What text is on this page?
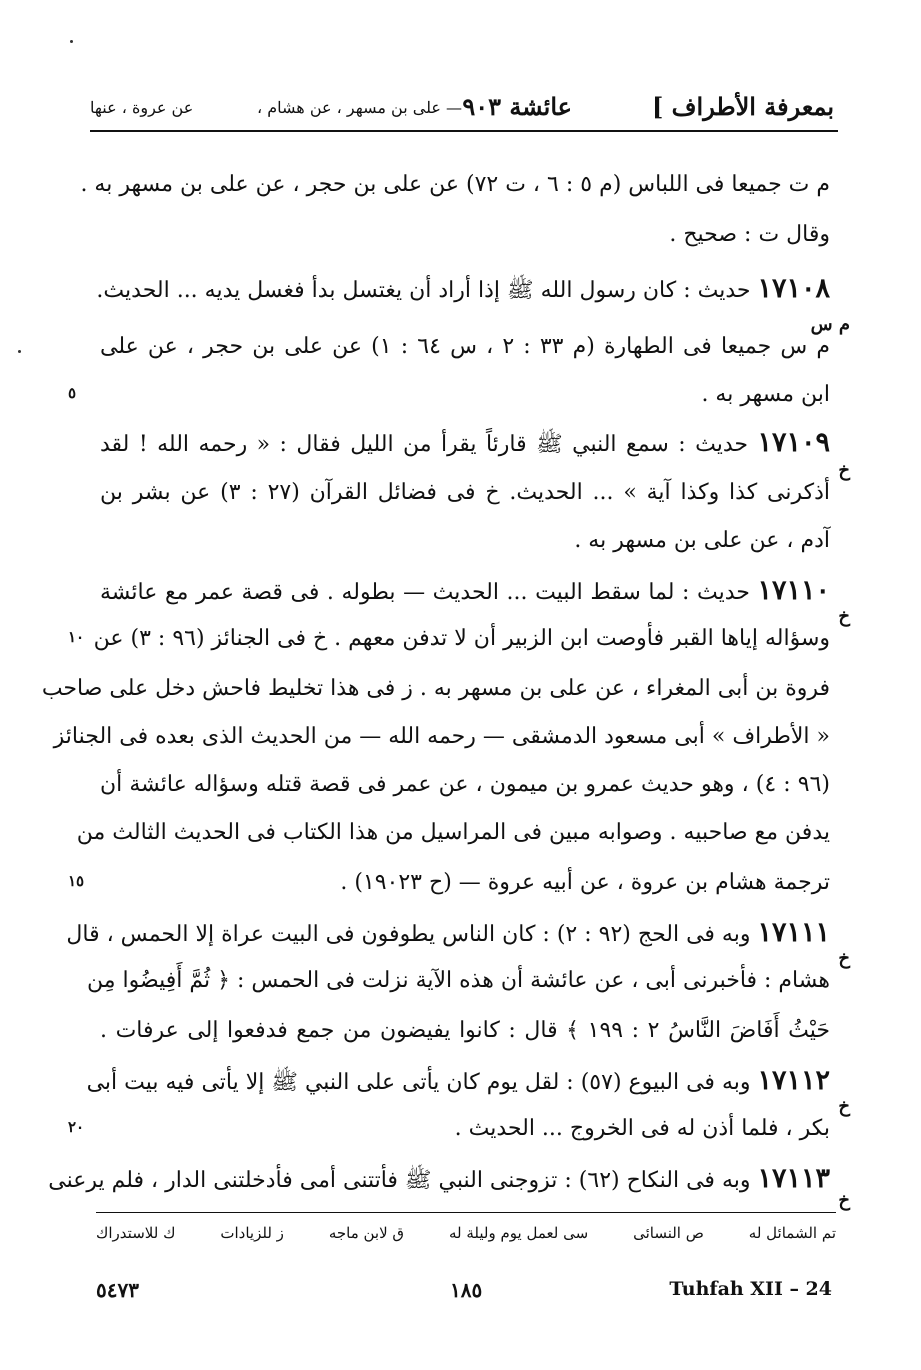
بمعرفة الأطراف ]
عائشة ٩٠٣
— علی بن مسهر ، عن هشام ،
عن عروة ، عنها
م ت جميعا فى اللباس (م ٥ : ٦ ، ت ٧٢) عن علی بن حجر ، عن علی بن مسهر به .
وقال ت : صحيح .
١٧١٠٨ حديث : كان رسول الله ﷺ إذا أراد أن يغتسل بدأ فغسل يديه ... الحديث.
م س جميعا فى الطهارة (م ٣٣ : ٢ ، س ٦٤ : ١) عن علی بن حجر ، عن علی
م س
ابن مسهر به .
٥
١٧١٠٩ حديث : سمع النبي ﷺ قارئاً يقرأ من الليل فقال : « رحمه الله ! لقد
أذكرنى كذا وكذا آية » ... الحديث. خ فى فضائل القرآن (٢٧ : ٣) عن بشر بن
خ
آدم ، عن علی بن مسهر به .
١٧١١٠ حديث : لما سقط البيت ... الحديث — بطوله . فى قصة عمر مع عائشة
وسؤاله إياها القبر فأوصت ابن الزبير أن لا تدفن معهم . خ فى الجنائز (٩٦ : ٣) عن
خ
١٠
فروة بن أبى المغراء ، عن علی بن مسهر به . ز فى هذا تخليط فاحش دخل على صاحب
« الأطراف » أبى مسعود الدمشقى — رحمه الله — من الحديث الذى بعده فى الجنائز
(٩٦ : ٤) ، وهو حديث عمرو بن ميمون ، عن عمر فى قصة قتله وسؤاله عائشة أن
يدفن مع صاحبيه . وصوابه مبين فى المراسيل من هذا الكتاب فى الحديث الثالث من
ترجمة هشام بن عروة ، عن أبيه عروة — (ح ١٩٠٢٣) .
١٥
١٧١١١ وبه فى الحج (٩٢ : ٢) : كان الناس يطوفون فى البيت عراة إلا الحمس ، قال
هشام : فأخبرنى أبى ، عن عائشة أن هذه الآية نزلت فى الحمس : ﴿ ثُمَّ أَفِيضُوا مِن
خ
حَيْثُ أَفَاضَ النَّاسُ ٢ : ١٩٩ ﴾ قال : كانوا يفيضون من جمع فدفعوا إلى عرفات .
١٧١١٢ وبه فى البيوع (٥٧) : لقل يوم كان يأتى على النبي ﷺ إلا يأتى فيه بيت أبى
بكر ، فلما أذن له فى الخروج ... الحديث .
خ
٢٠
١٧١١٣ وبه فى النكاح (٦٢) : تزوجنى النبي ﷺ فأتتنى أمى فأدخلتنى الدار ، فلم يرعنى
خ
تم الشمائل له
ص النسائى
سى لعمل يوم وليلة له
ق لابن ماجه
ز للزيادات
ك للاستدراك
٥٤٧٣	١٨٥	Tuhfah XII – 24
